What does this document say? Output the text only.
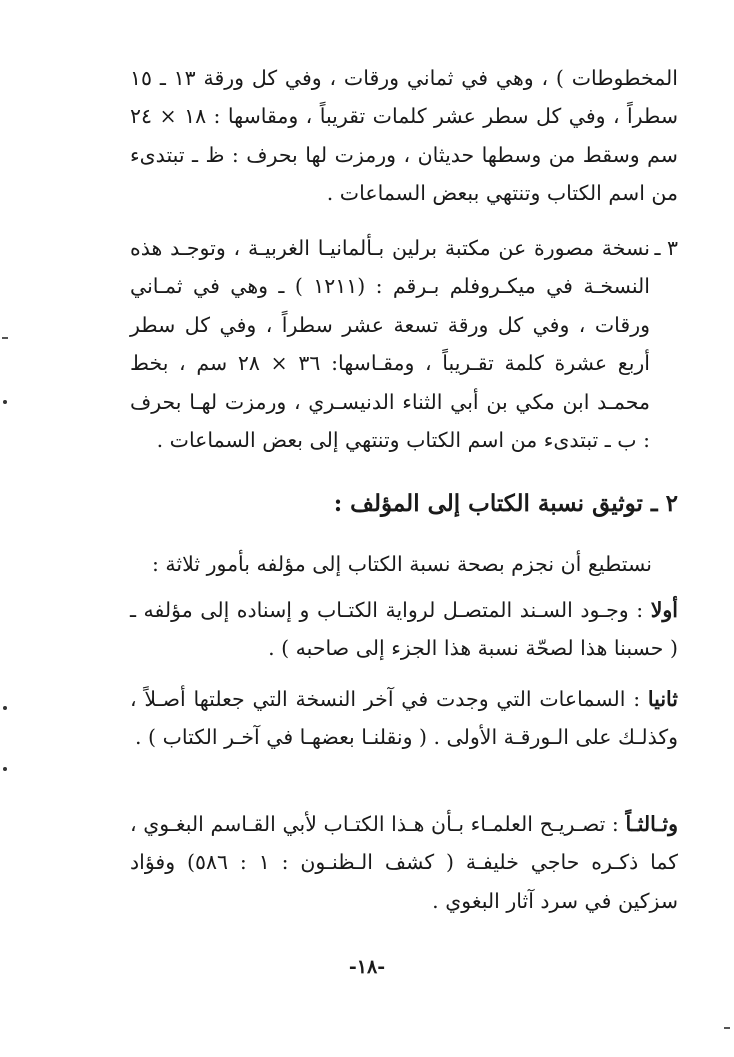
المخطوطات ) ، وهي في ثماني ورقات ، وفي كل ورقة ١٣ ـ ١٥ سطراً ، وفي كل سطر عشر كلمات تقريباً ، ومقاسها : ١٨ × ٢٤ سم وسقط من وسطها حديثان ، ورمزت لها بحرف : ظ ـ تبتدىء من اسم الكتاب وتنتهي ببعض السماعات .

٣ ـ

نسخة مصورة عن مكتبة برلين بـألمانيـا الغربيـة ، وتوجـد هذه النسخـة في ميكـروفلم بـرقم : (١٢١١ ) ـ وهي في ثمـاني ورقات ، وفي كل ورقة تسعة عشر سطراً ، وفي كل سطر أربع عشرة كلمة تقـريباً ، ومقـاسها: ٣٦ × ٢٨ سم ، بخط محمـد ابن مكي بن أبي الثناء الدنيسـري ، ورمزت لهـا بحرف : ب ـ تبتدىء من اسم الكتاب وتنتهي إلى بعض السماعات .

٢ ـ توثيق نسبة الكتاب إلى المؤلف :

نستطيع أن نجزم بصحة نسبة الكتاب إلى مؤلفه بأمور ثلاثة :

أولا : وجـود السـند المتصـل لرواية الكتـاب و إسناده إلى مؤلفه ـ ( حسبنا هذا لصحّة نسبة هذا الجزء إلى صاحبه ) .

ثانيا : السماعات التي وجدت في آخر النسخة التي جعلتها أصـلاً ، وكذلـك على الـورقـة الأولى . ( ونقلنـا بعضهـا في آخـر الكتاب ) .

وثـالثـاً : تصـريـح العلمـاء بـأن هـذا الكتـاب لأبي القـاسم البغـوي ، كما ذكـره حاجي خليفـة ( كشف الـظنـون : ١ : ٥٨٦) وفؤاد سزكين في سرد آثار البغوي .

-١٨-
